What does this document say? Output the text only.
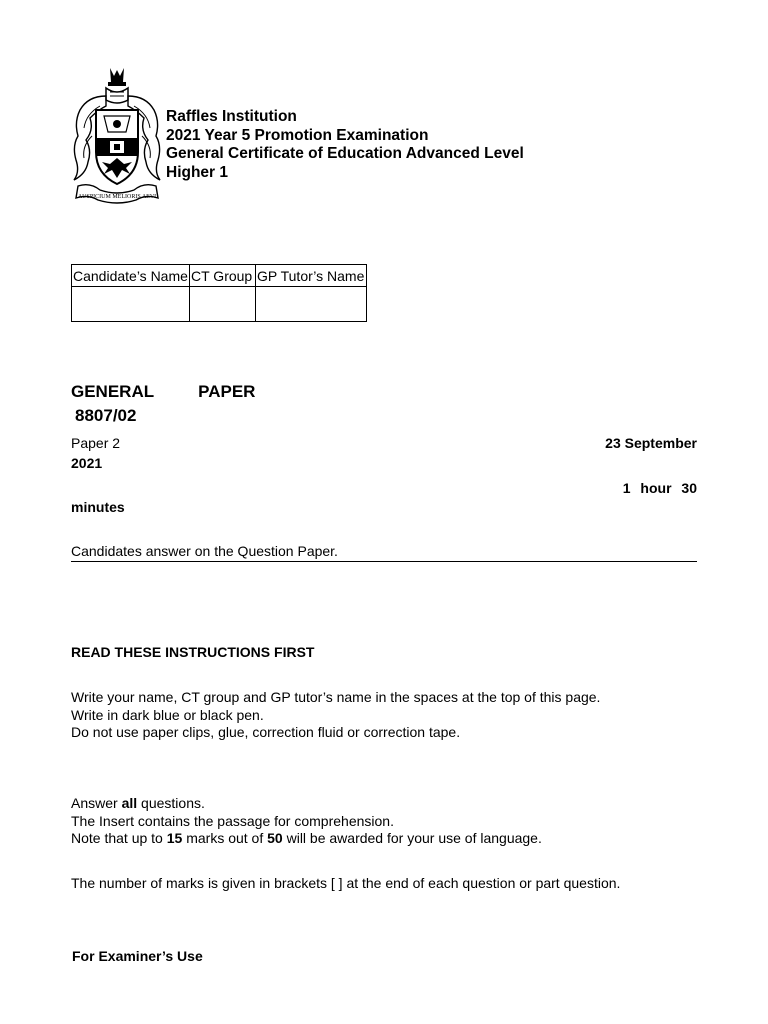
AUSPICIUM MELIORIS AEVI
Raffles Institution
2021 Year 5 Promotion Examination
General Certificate of Education Advanced Level
Higher 1
Candidate’s Name	CT Group	GP Tutor’s Name

GENERAL	PAPER
8807/02
Paper 2	23 September
2021
1 hour 30
minutes
Candidates answer on the Question Paper.
READ THESE INSTRUCTIONS FIRST
Write your name, CT group and GP tutor’s name in the spaces at the top of this page.
Write in dark blue or black pen.
Do not use paper clips, glue, correction fluid or correction tape.
Answer all questions.
The Insert contains the passage for comprehension.
Note that up to 15 marks out of 50 will be awarded for your use of language.
The number of marks is given in brackets [ ] at the end of each question or part question.
For Examiner’s Use
